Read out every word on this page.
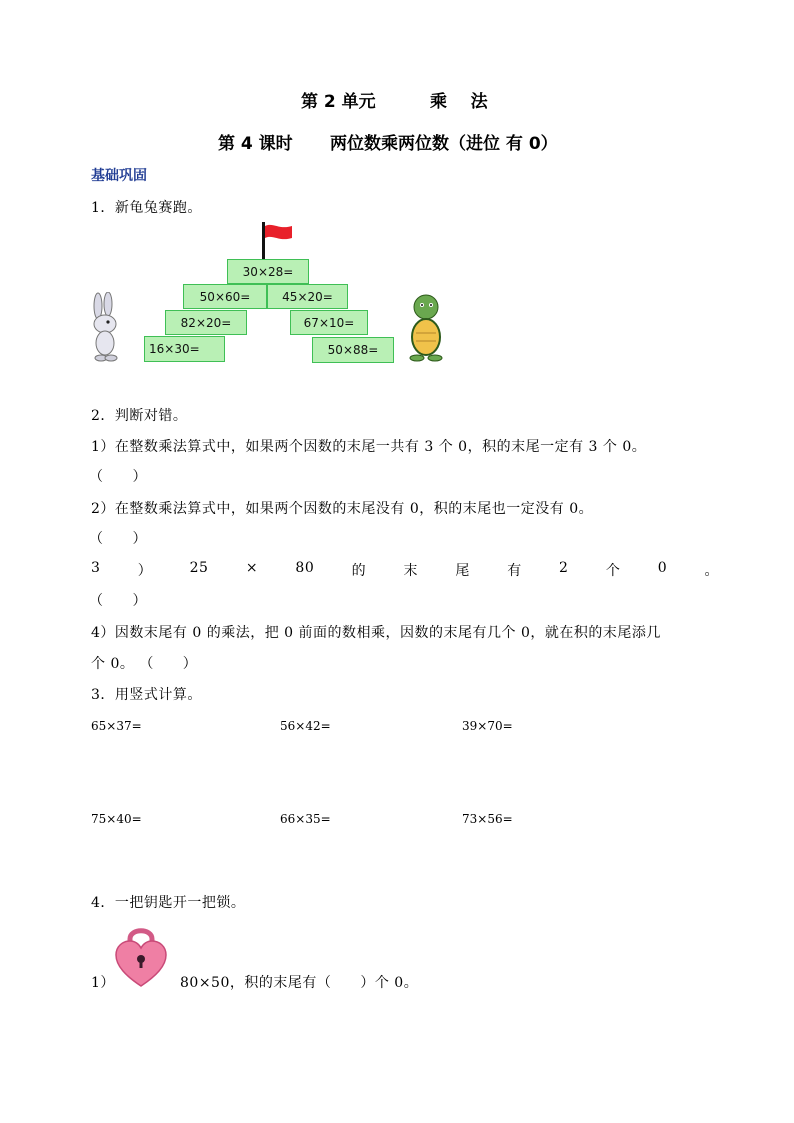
第 2 单元	乘    法
第 4 课时 两位数乘两位数（进位 有 0）
基础巩固
1．新龟兔赛跑。
30×28=
50×60=	45×20=
82×20=	67×10=
16×30=	50×88=
2．判断对错。
1）在整数乘法算式中，如果两个因数的末尾一共有 3 个 0，积的末尾一定有 3 个 0。
（　　）
2）在整数乘法算式中，如果两个因数的末尾没有 0，积的末尾也一定没有 0。
（　　）
3	）	25	×	80	的	末	尾	有	2	个	0	。
（　　）
4）因数末尾有 0 的乘法，把 0 前面的数相乘，因数的末尾有几个 0，就在积的末尾添几
个 0。 （　　）
3．用竖式计算。
65×37=	56×42=	39×70=
75×40=	66×35=	73×56=
4．一把钥匙开一把锁。
1）	80×50，积的末尾有（　　）个 0。
